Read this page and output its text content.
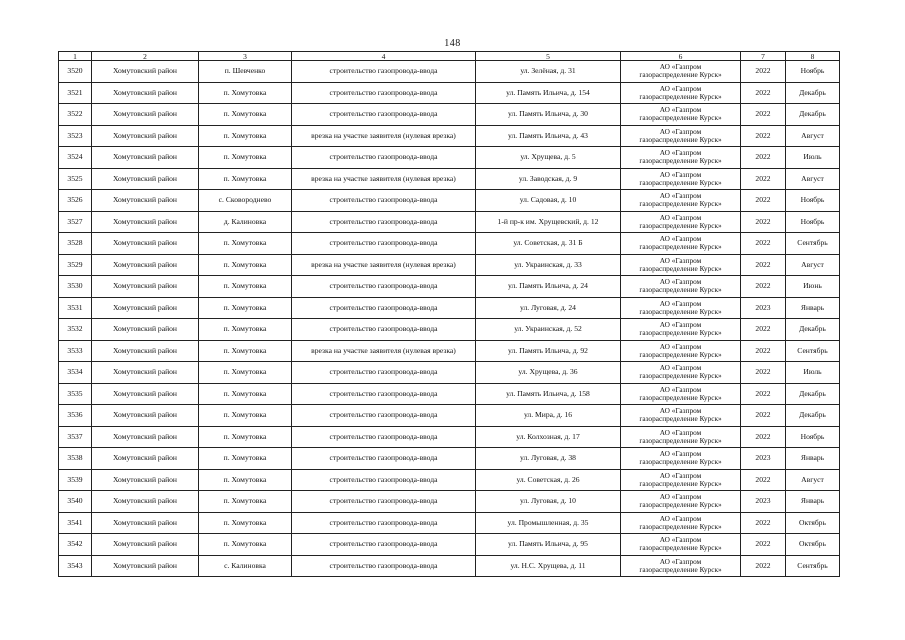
148
1	2	3	4	5	6	7	8
3520	Хомутовский район	п. Шевченко	строительство газопровода-ввода	ул. Зелёная, д. 31	АО «Газпром
газораспределение Курск»	2022	Ноябрь
3521	Хомутовский район	п. Хомутовка	строительство газопровода-ввода	ул. Память Ильича, д. 154	АО «Газпром
газораспределение Курск»	2022	Декабрь
3522	Хомутовский район	п. Хомутовка	строительство газопровода-ввода	ул. Память Ильича, д. 30	АО «Газпром
газораспределение Курск»	2022	Декабрь
3523	Хомутовский район	п. Хомутовка	врезка на участке заявителя (нулевая врезка)	ул. Память Ильича, д. 43	АО «Газпром
газораспределение Курск»	2022	Август
3524	Хомутовский район	п. Хомутовка	строительство газопровода-ввода	ул. Хрущева, д. 5	АО «Газпром
газораспределение Курск»	2022	Июль
3525	Хомутовский район	п. Хомутовка	врезка на участке заявителя (нулевая врезка)	ул. Заводская, д. 9	АО «Газпром
газораспределение Курск»	2022	Август
3526	Хомутовский район	с. Сковороднево	строительство газопровода-ввода	ул. Садовая, д. 10	АО «Газпром
газораспределение Курск»	2022	Ноябрь
3527	Хомутовский район	д. Калиновка	строительство газопровода-ввода	1-й пр-к им. Хрущевский, д. 12	АО «Газпром
газораспределение Курск»	2022	Ноябрь
3528	Хомутовский район	п. Хомутовка	строительство газопровода-ввода	ул. Советская, д. 31 Б	АО «Газпром
газораспределение Курск»	2022	Сентябрь
3529	Хомутовский район	п. Хомутовка	врезка на участке заявителя (нулевая врезка)	ул. Украинская, д. 33	АО «Газпром
газораспределение Курск»	2022	Август
3530	Хомутовский район	п. Хомутовка	строительство газопровода-ввода	ул. Память Ильича, д. 24	АО «Газпром
газораспределение Курск»	2022	Июнь
3531	Хомутовский район	п. Хомутовка	строительство газопровода-ввода	ул. Луговая, д. 24	АО «Газпром
газораспределение Курск»	2023	Январь
3532	Хомутовский район	п. Хомутовка	строительство газопровода-ввода	ул. Украинская, д. 52	АО «Газпром
газораспределение Курск»	2022	Декабрь
3533	Хомутовский район	п. Хомутовка	врезка на участке заявителя (нулевая врезка)	ул. Память Ильича, д. 92	АО «Газпром
газораспределение Курск»	2022	Сентябрь
3534	Хомутовский район	п. Хомутовка	строительство газопровода-ввода	ул. Хрущева, д. 36	АО «Газпром
газораспределение Курск»	2022	Июль
3535	Хомутовский район	п. Хомутовка	строительство газопровода-ввода	ул. Память Ильича, д. 158	АО «Газпром
газораспределение Курск»	2022	Декабрь
3536	Хомутовский район	п. Хомутовка	строительство газопровода-ввода	ул. Мира, д. 16	АО «Газпром
газораспределение Курск»	2022	Декабрь
3537	Хомутовский район	п. Хомутовка	строительство газопровода-ввода	ул. Колхозная, д. 17	АО «Газпром
газораспределение Курск»	2022	Ноябрь
3538	Хомутовский район	п. Хомутовка	строительство газопровода-ввода	ул. Луговая, д. 38	АО «Газпром
газораспределение Курск»	2023	Январь
3539	Хомутовский район	п. Хомутовка	строительство газопровода-ввода	ул. Советская, д. 26	АО «Газпром
газораспределение Курск»	2022	Август
3540	Хомутовский район	п. Хомутовка	строительство газопровода-ввода	ул. Луговая, д. 10	АО «Газпром
газораспределение Курск»	2023	Январь
3541	Хомутовский район	п. Хомутовка	строительство газопровода-ввода	ул. Промышленная, д. 35	АО «Газпром
газораспределение Курск»	2022	Октябрь
3542	Хомутовский район	п. Хомутовка	строительство газопровода-ввода	ул. Память Ильича, д. 95	АО «Газпром
газораспределение Курск»	2022	Октябрь
3543	Хомутовский район	с. Калиновка	строительство газопровода-ввода	ул. Н.С. Хрущева, д. 11	АО «Газпром
газораспределение Курск»	2022	Сентябрь
